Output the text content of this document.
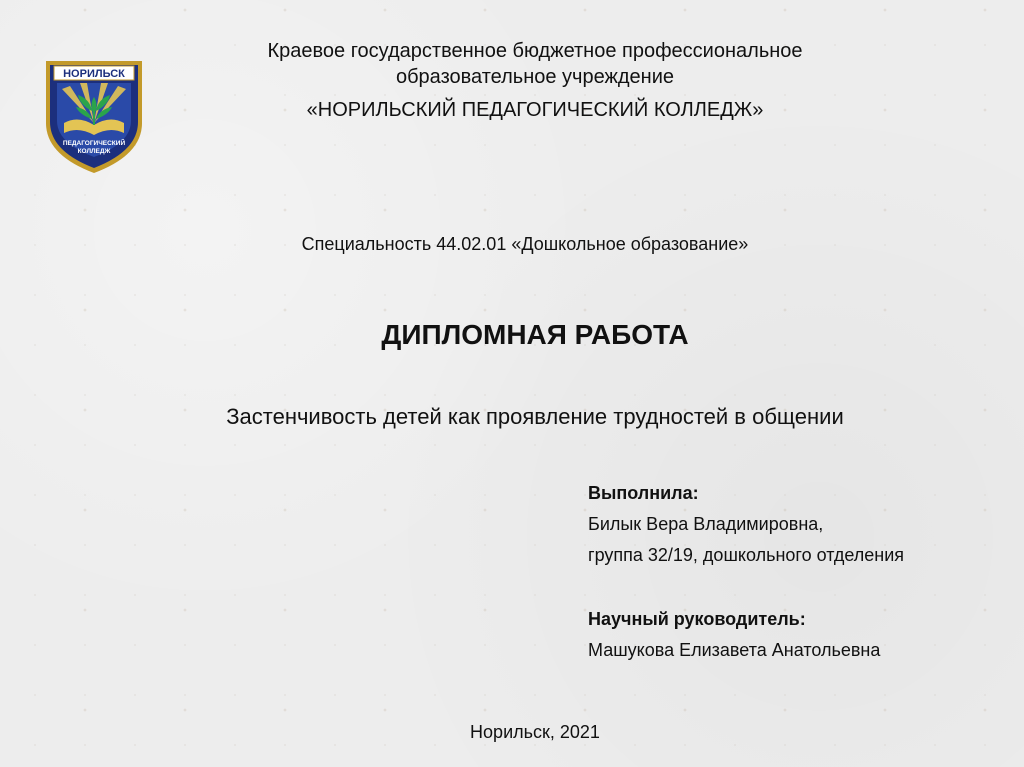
НОРИЛЬСК
ПЕДАГОГИЧЕСКИЙ
КОЛЛЕДЖ
Краевое государственное бюджетное профессиональное
образовательное учреждение
«НОРИЛЬСКИЙ ПЕДАГОГИЧЕСКИЙ КОЛЛЕДЖ»
Специальность 44.02.01 «Дошкольное образование»
ДИПЛОМНАЯ РАБОТА
Застенчивость детей как проявление трудностей в общении
Выполнила:
Билык Вера Владимировна,
группа 32/19, дошкольного отделения
Научный руководитель:
Машукова Елизавета Анатольевна
Норильск, 2021
